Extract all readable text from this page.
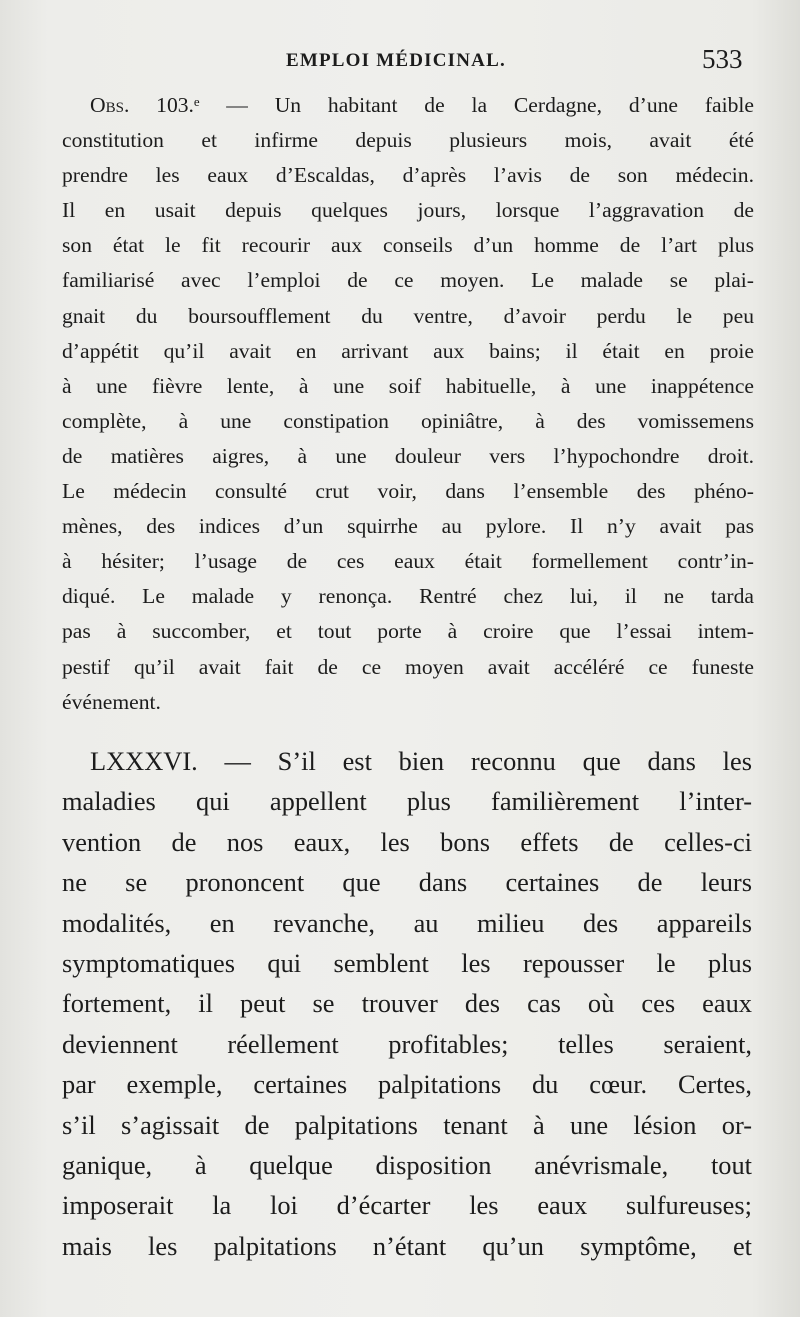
EMPLOI MÉDICINAL.	533
Obs. 103.ᵉ — Un habitant de la Cerdagne, d’une faible
constitution et infirme depuis plusieurs mois, avait été
prendre les eaux d’Escaldas, d’après l’avis de son médecin.
Il en usait depuis quelques jours, lorsque l’aggravation de
son état le fit recourir aux conseils d’un homme de l’art plus
familiarisé avec l’emploi de ce moyen. Le malade se plai-
gnait du boursoufflement du ventre, d’avoir perdu le peu
d’appétit qu’il avait en arrivant aux bains; il était en proie
à une fièvre lente, à une soif habituelle, à une inappétence
complète, à une constipation opiniâtre, à des vomissemens
de matières aigres, à une douleur vers l’hypochondre droit.
Le médecin consulté crut voir, dans l’ensemble des phéno-
mènes, des indices d’un squirrhe au pylore. Il n’y avait pas
à hésiter; l’usage de ces eaux était formellement contr’in-
diqué. Le malade y renonça. Rentré chez lui, il ne tarda
pas à succomber, et tout porte à croire que l’essai intem-
pestif qu’il avait fait de ce moyen avait accéléré ce funeste
événement.
LXXXVI. — S’il est bien reconnu que dans les
maladies qui appellent plus familièrement l’inter-
vention de nos eaux, les bons effets de celles-ci
ne se prononcent que dans certaines de leurs
modalités, en revanche, au milieu des appareils
symptomatiques qui semblent les repousser le plus
fortement, il peut se trouver des cas où ces eaux
deviennent réellement profitables; telles seraient,
par exemple, certaines palpitations du cœur. Certes,
s’il s’agissait de palpitations tenant à une lésion or-
ganique, à quelque disposition anévrismale, tout
imposerait la loi d’écarter les eaux sulfureuses;
mais les palpitations n’étant qu’un symptôme, et
